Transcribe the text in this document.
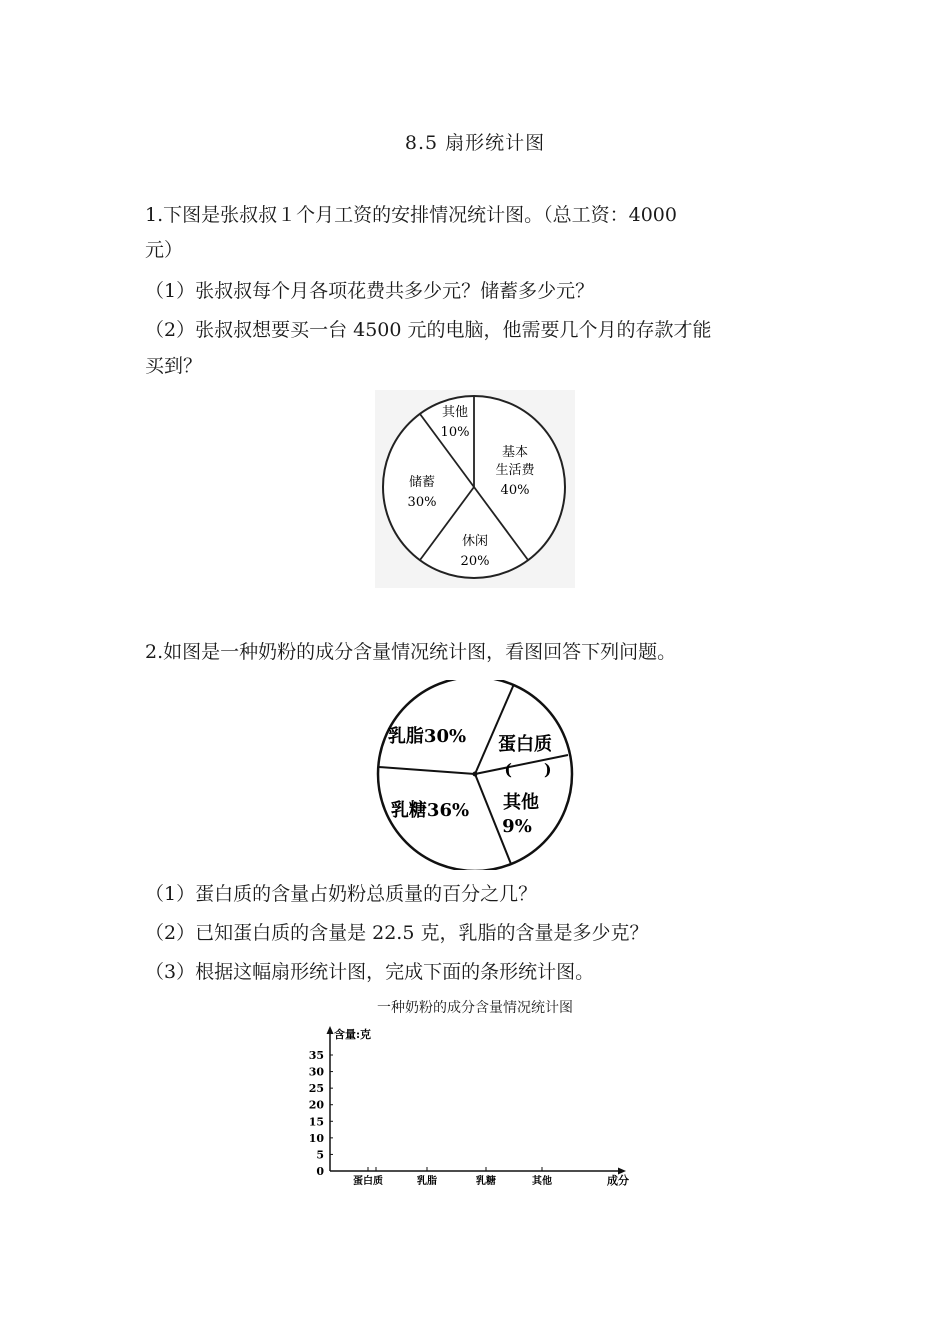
8.5 扇形统计图
1.下图是张叔叔１个月工资的安排情况统计图。（总工资：4000
元）
（1）张叔叔每个月各项花费共多少元？储蓄多少元？
（2）张叔叔想要买一台 4500 元的电脑，他需要几个月的存款才能
买到？
其他
10%
基本
生活费
40%
储蓄
30%
休闲
20%
2.如图是一种奶粉的成分含量情况统计图，看图回答下列问题。
乳脂30% 蛋白质
(　　)
乳糖36% 其他
9%
（1）蛋白质的含量占奶粉总质量的百分之几？
（2）已知蛋白质的含量是 22.5 克，乳脂的含量是多少克？
（3）根据这幅扇形统计图，完成下面的条形统计图。
一种奶粉的成分含量情况统计图
含量:克
成分
0
5
10
15
20
25
30
35
蛋白质	乳脂	乳糖	其他
